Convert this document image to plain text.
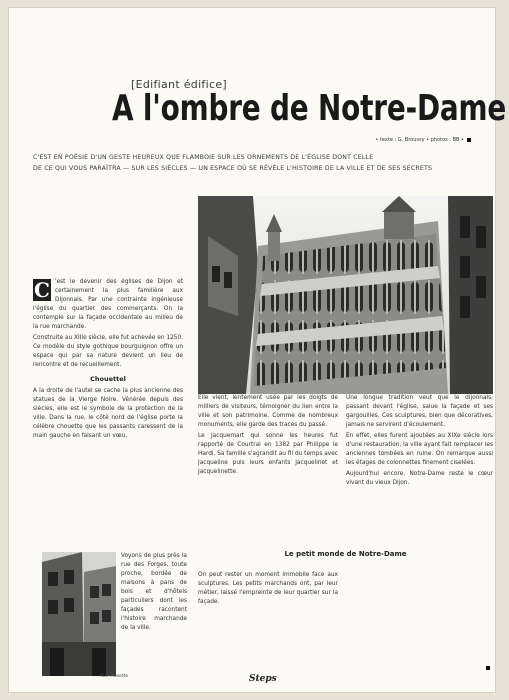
[Edifiant édifice]
A l'ombre de Notre-Dame
• texte : G. Broussy • photos : BB •

C'EST EN POÉSIE D'UN GESTE HEUREUX QUE FLAMBOIE SUR LES ORNEMENTS DE L'ÉGLISE DONT CELLE

DE CE QUI VOUS PARAÎTRA — SUR LES SIÈCLES — UN ESPACE OÙ SE RÉVÈLE L'HISTOIRE DE LA VILLE ET DE SES SECRETS

C 'est le devenir des églises de Dijon et certainement la plus familière aux Dijonnais. Par une contrainte ingénieuse l'église du quartier des commerçants. On la contemple sur la façade occidentale au milieu de la rue marchande.

Construite au XIIIe siècle, elle fut achevée en 1250. Ce modèle du style gothique bourguignon offre un espace qui par sa nature devient un lieu de rencontre et de recueillement.

Chouettel

A la droite de l'autel se cache la plus ancienne des statues de la Vierge Noire. Vénérée depuis des siècles, elle est le symbole de la protection de la ville. Dans la rue, le côté nord de l'église porte la célèbre chouette que les passants caressent de la main gauche en faisant un vœu.

Elle vient, lentement usée par les doigts de milliers de visiteurs, témoigner du lien entre la ville et son patrimoine. Comme de nombreux monuments, elle garde des traces du passé.

Le Jacquemart qui sonne les heures fut rapporté de Courtrai en 1382 par Philippe le Hardi. Sa famille s'agrandit au fil du temps avec Jacqueline puis leurs enfants Jacquelinet et Jacquelinette.

Une longue tradition veut que le dijonnais, passant devant l'église, salue la façade et ses gargouilles. Ces sculptures, bien que décoratives, jamais ne servirent d'écoulement.

En effet, elles furent ajoutées au XIXe siècle lors d'une restauration, la ville ayant fait remplacer les anciennes tombées en ruine. On remarque aussi les étages de colonnettes finement ciselées.

Aujourd'hui encore, Notre-Dame reste le cœur vivant du vieux Dijon.

Le petit monde de Notre-Dame

On peut rester un moment immobile face aux sculptures. Les petits marchands ont, par leur métier, laissé l'empreinte de leur quartier sur la façade.

Rue Musette

Voyons de plus près la rue des Forges, toute proche, bordée de maisons à pans de bois et d'hôtels particuliers dont les façades racontent l'histoire marchande de la ville.

Steps
